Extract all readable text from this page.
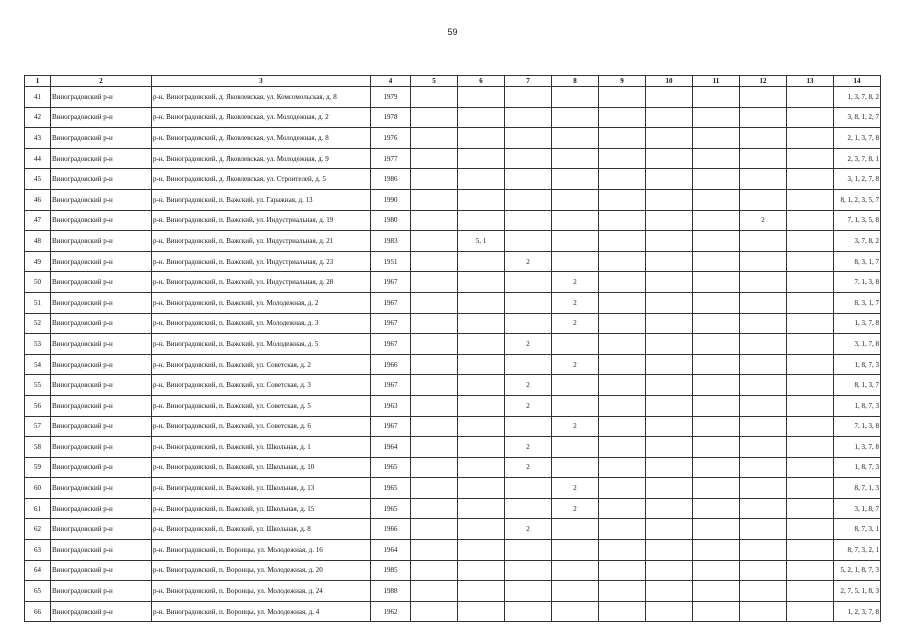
59
1	2	3	4	5	6	7	8	9	10	11	12	13	14
41	Виноградовский р-н	р-н. Виноградовский, д. Яковлевская, ул. Комсомольская, д. 8	1979										1, 3, 7, 8, 2
42	Виноградовский р-н	р-н. Виноградовский, д. Яковлевская, ул. Молодежная, д. 2	1978										3, 8, 1, 2, 7
43	Виноградовский р-н	р-н. Виноградовский, д. Яковлевская, ул. Молодежная, д. 8	1976										2, 1, 3, 7, 8
44	Виноградовский р-н	р-н. Виноградовский, д. Яковлевская, ул. Молодежная, д. 9	1977										2, 3, 7, 8, 1
45	Виноградовский р-н	р-н. Виноградовский, д. Яковлевская, ул. Строителей, д. 5	1986										3, 1, 2, 7, 8
46	Виноградовский р-н	р-н. Виноградовский, п. Важский, ул. Гаражная, д. 13	1990										8, 1, 2, 3, 5, 7
47	Виноградовский р-н	р-н. Виноградовский, п. Важский, ул. Индустриальная, д. 19	1980								2		7, 1, 3, 5, 8
48	Виноградовский р-н	р-н. Виноградовский, п. Важский, ул. Индустриальная, д. 21	1983		5, 1								3, 7, 8, 2
49	Виноградовский р-н	р-н. Виноградовский, п. Важский, ул. Индустриальная, д. 23	1951			2							8, 3, 1, 7
50	Виноградовский р-н	р-н. Виноградовский, п. Важский, ул. Индустриальная, д. 28	1967				2						7, 1, 3, 8
51	Виноградовский р-н	р-н. Виноградовский, п. Важский, ул. Молодежная, д. 2	1967				2						8, 3, 1, 7
52	Виноградовский р-н	р-н. Виноградовский, п. Важский, ул. Молодежная, д. 3	1967				2						1, 3, 7, 8
53	Виноградовский р-н	р-н. Виноградовский, п. Важский, ул. Молодежная, д. 5	1967			2							3, 1, 7, 8
54	Виноградовский р-н	р-н. Виноградовский, п. Важский, ул. Советская, д. 2	1966				2						1, 8, 7, 3
55	Виноградовский р-н	р-н. Виноградовский, п. Важский, ул. Советская, д. 3	1967			2							8, 1, 3, 7
56	Виноградовский р-н	р-н. Виноградовский, п. Важский, ул. Советская, д. 5	1963			2							1, 8, 7, 3
57	Виноградовский р-н	р-н. Виноградовский, п. Важский, ул. Советская, д. 6	1967				2						7, 1, 3, 8
58	Виноградовский р-н	р-н. Виноградовский, п. Важский, ул. Школьная, д. 1	1964			2							1, 3, 7, 8
59	Виноградовский р-н	р-н. Виноградовский, п. Важский, ул. Школьная, д. 10	1965			2							1, 8, 7, 3
60	Виноградовский р-н	р-н. Виноградовский, п. Важский, ул. Школьная, д. 13	1965				2						8, 7, 1, 3
61	Виноградовский р-н	р-н. Виноградовский, п. Важский, ул. Школьная, д. 15	1965				2						3, 1, 8, 7
62	Виноградовский р-н	р-н. Виноградовский, п. Важский, ул. Школьная, д. 8	1966			2							8, 7, 3, 1
63	Виноградовский р-н	р-н. Виноградовский, п. Воронцы, ул. Молодежная, д. 16	1964										8, 7, 3, 2, 1
64	Виноградовский р-н	р-н. Виноградовский, п. Воронцы, ул. Молодежная, д. 20	1985										5, 2, 1, 8, 7, 3
65	Виноградовский р-н	р-н. Виноградовский, п. Воронцы, ул. Молодежная, д. 24	1988										2, 7, 5, 1, 8, 3
66	Виноградовский р-н	р-н. Виноградовский, п. Воронцы, ул. Молодежная, д. 4	1962										1, 2, 3, 7, 8
